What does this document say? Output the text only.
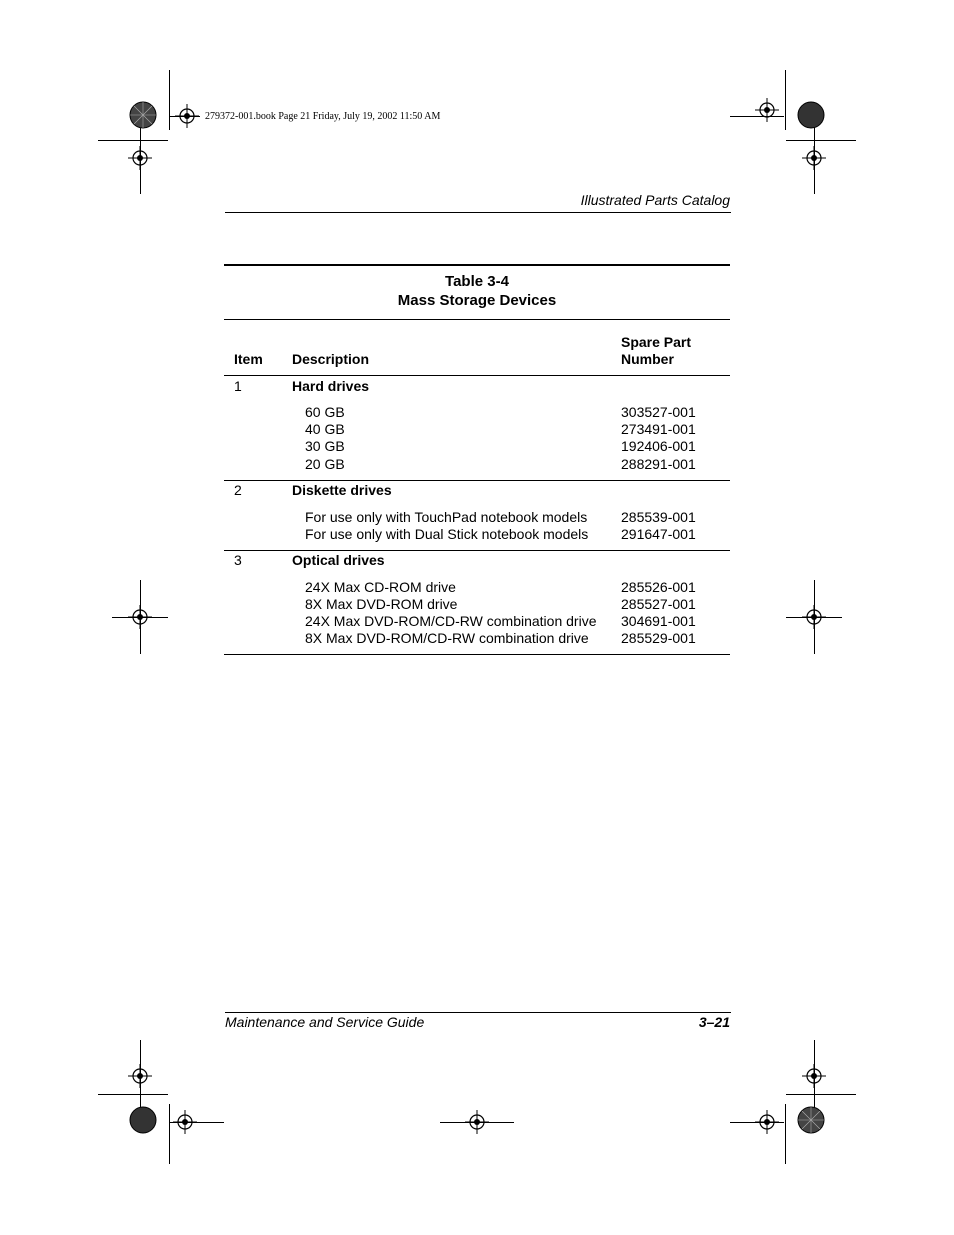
279372-001.book Page 21 Friday, July 19, 2002 11:50 AM
Illustrated Parts Catalog
Table 3-4
Mass Storage Devices
Item Description
Spare Part
Number
1	Hard drives
60 GB	303527-001
40 GB	273491-001
30 GB	192406-001
20 GB	288291-001
2	Diskette drives
For use only with TouchPad notebook models 285539-001
For use only with Dual Stick notebook models 291647-001
3	Optical drives
24X Max CD-ROM drive	285526-001
8X Max DVD-ROM drive	285527-001
24X Max DVD-ROM/CD-RW combination drive 304691-001
8X Max DVD-ROM/CD-RW combination drive 285529-001
Maintenance and Service Guide	3–21
